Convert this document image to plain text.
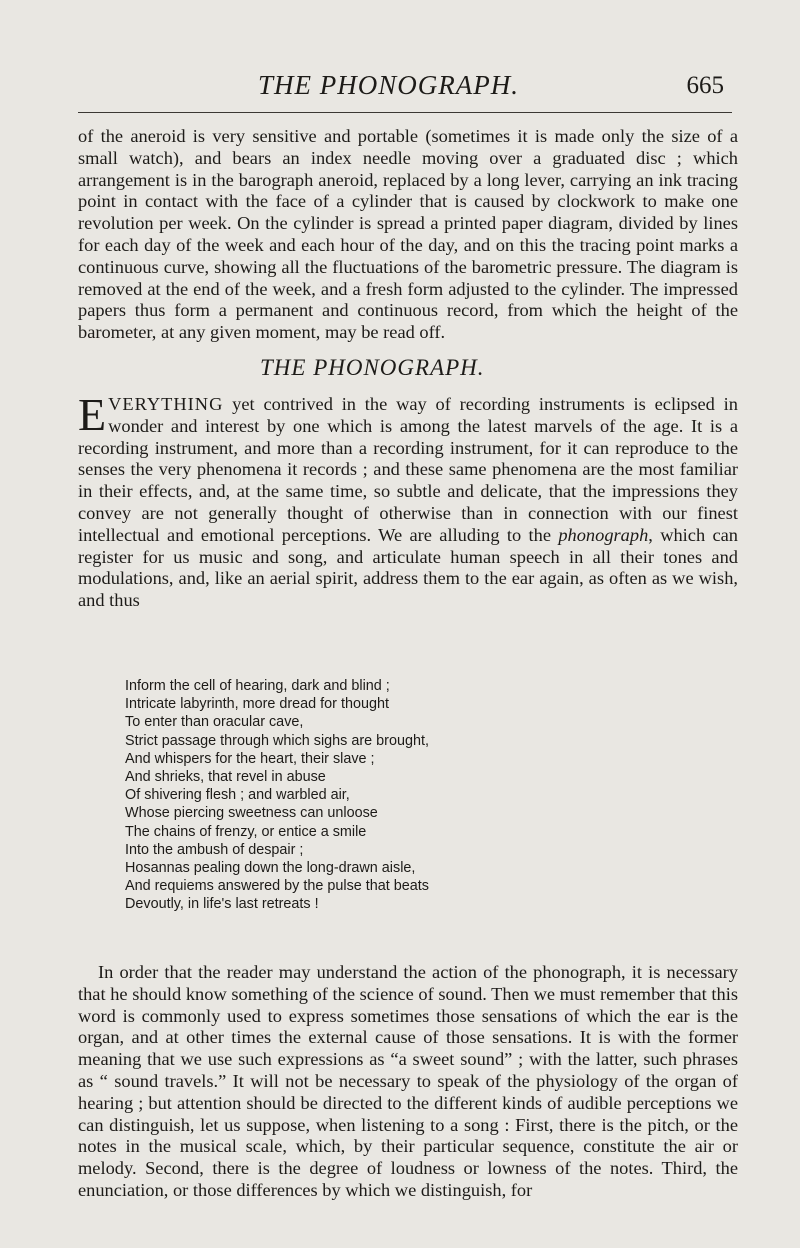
THE PHONOGRAPH.	665

of the aneroid is very sensitive and portable (sometimes it is made only the size of a small watch), and bears an index needle moving over a graduated disc ; which arrangement is in the barograph aneroid, replaced by a long lever, carrying an ink tracing point in contact with the face of a cylinder that is caused by clockwork to make one revolution per week. On the cylinder is spread a printed paper diagram, divided by lines for each day of the week and each hour of the day, and on this the tracing point marks a continuous curve, showing all the fluctuations of the barometric pressure. The diagram is removed at the end of the week, and a fresh form adjusted to the cylinder. The impressed papers thus form a permanent and continuous record, from which the height of the barometer, at any given moment, may be read off.

THE PHONOGRAPH.

EVERYTHING yet contrived in the way of recording instruments is eclipsed in wonder and interest by one which is among the latest marvels of the age. It is a recording instrument, and more than a recording instrument, for it can reproduce to the senses the very phenomena it records ; and these same phenomena are the most familiar in their effects, and, at the same time, so subtle and delicate, that the impressions they convey are not generally thought of otherwise than in connection with our finest intellectual and emotional perceptions. We are alluding to the phonograph, which can register for us music and song, and articulate human speech in all their tones and modulations, and, like an aerial spirit, address them to the ear again, as often as we wish, and thus

Inform the cell of hearing, dark and blind ;
Intricate labyrinth, more dread for thought
To enter than oracular cave,
Strict passage through which sighs are brought,
And whispers for the heart, their slave ;
And shrieks, that revel in abuse
Of shivering flesh ; and warbled air,
Whose piercing sweetness can unloose
The chains of frenzy, or entice a smile
Into the ambush of despair ;
Hosannas pealing down the long-drawn aisle,
And requiems answered by the pulse that beats
Devoutly, in life's last retreats !

In order that the reader may understand the action of the phonograph, it is necessary that he should know something of the science of sound. Then we must remember that this word is commonly used to express sometimes those sensations of which the ear is the organ, and at other times the external cause of those sensations. It is with the former meaning that we use such expressions as “a sweet sound” ; with the latter, such phrases as “ sound travels.” It will not be necessary to speak of the physiology of the organ of hearing ; but attention should be directed to the different kinds of audible perceptions we can distinguish, let us suppose, when listening to a song : First, there is the pitch, or the notes in the musical scale, which, by their particular sequence, constitute the air or melody. Second, there is the degree of loudness or lowness of the notes. Third, the enunciation, or those differences by which we distinguish, for
